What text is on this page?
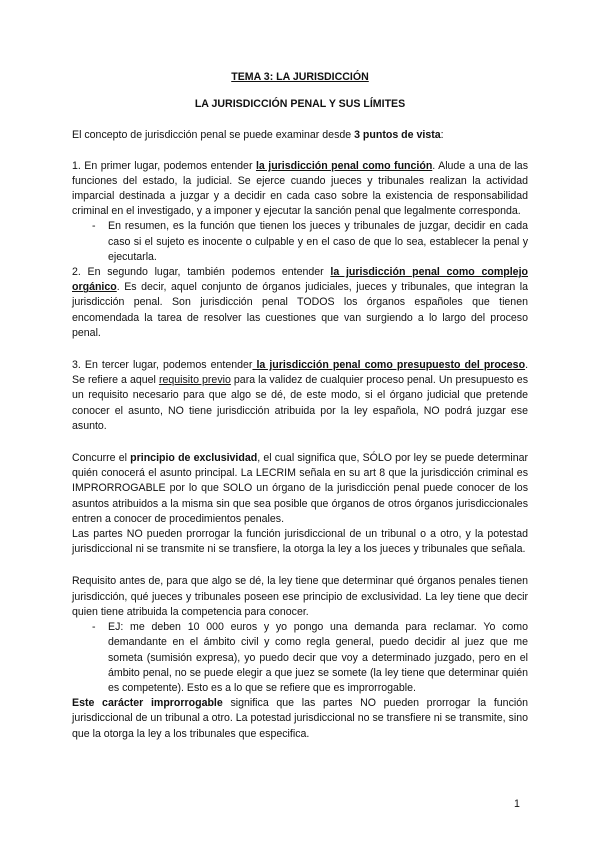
TEMA 3: LA JURISDICCIÓN
LA JURISDICCIÓN PENAL Y SUS LÍMITES

El concepto de jurisdicción penal se puede examinar desde 3 puntos de vista:

1. En primer lugar, podemos entender la jurisdicción penal como función. Alude a una de las funciones del estado, la judicial. Se ejerce cuando jueces y tribunales realizan la actividad imparcial destinada a juzgar y a decidir en cada caso sobre la existencia de responsabilidad criminal en el investigado, y a imponer y ejecutar la sanción penal que legalmente corresponda.

- En resumen, es la función que tienen los jueces y tribunales de juzgar, decidir en cada caso si el sujeto es inocente o culpable y en el caso de que lo sea, establecer la penal y ejecutarla.

2. En segundo lugar, también podemos entender la jurisdicción penal como complejo orgánico. Es decir, aquel conjunto de órganos judiciales, jueces y tribunales, que integran la jurisdicción penal. Son jurisdicción penal TODOS los órganos españoles que tienen encomendada la tarea de resolver las cuestiones que van surgiendo a lo largo del proceso penal.

3. En tercer lugar, podemos entender la jurisdicción penal como presupuesto del proceso. Se refiere a aquel requisito previo para la validez de cualquier proceso penal. Un presupuesto es un requisito necesario para que algo se dé, de este modo, si el órgano judicial que pretende conocer el asunto, NO tiene jurisdicción atribuida por la ley española, NO podrá juzgar ese asunto.

Concurre el principio de exclusividad, el cual significa que, SÓLO por ley se puede determinar quién conocerá el asunto principal. La LECRIM señala en su art 8 que la jurisdicción criminal es IMPRORROGABLE por lo que SOLO un órgano de la jurisdicción penal puede conocer de los asuntos atribuidos a la misma sin que sea posible que órganos de otros órganos jurisdiccionales entren a conocer de procedimientos penales.

Las partes NO pueden prorrogar la función jurisdiccional de un tribunal o a otro, y la potestad jurisdiccional ni se transmite ni se transfiere, la otorga la ley a los jueces y tribunales que señala.

Requisito antes de, para que algo se dé, la ley tiene que determinar qué órganos penales tienen jurisdicción, qué jueces y tribunales poseen ese principio de exclusividad. La ley tiene que decir quien tiene atribuida la competencia para conocer.

- EJ: me deben 10 000 euros y yo pongo una demanda para reclamar. Yo como demandante en el ámbito civil y como regla general, puedo decidir al juez que me someta (sumisión expresa), yo puedo decir que voy a determinado juzgado, pero en el ámbito penal, no se puede elegir a que juez se somete (la ley tiene que determinar quién es competente). Esto es a lo que se refiere que es improrrogable.

Este carácter improrrogable significa que las partes NO pueden prorrogar la función jurisdiccional de un tribunal a otro. La potestad jurisdiccional no se transfiere ni se transmite, sino que la otorga la ley a los tribunales que especifica.

1
